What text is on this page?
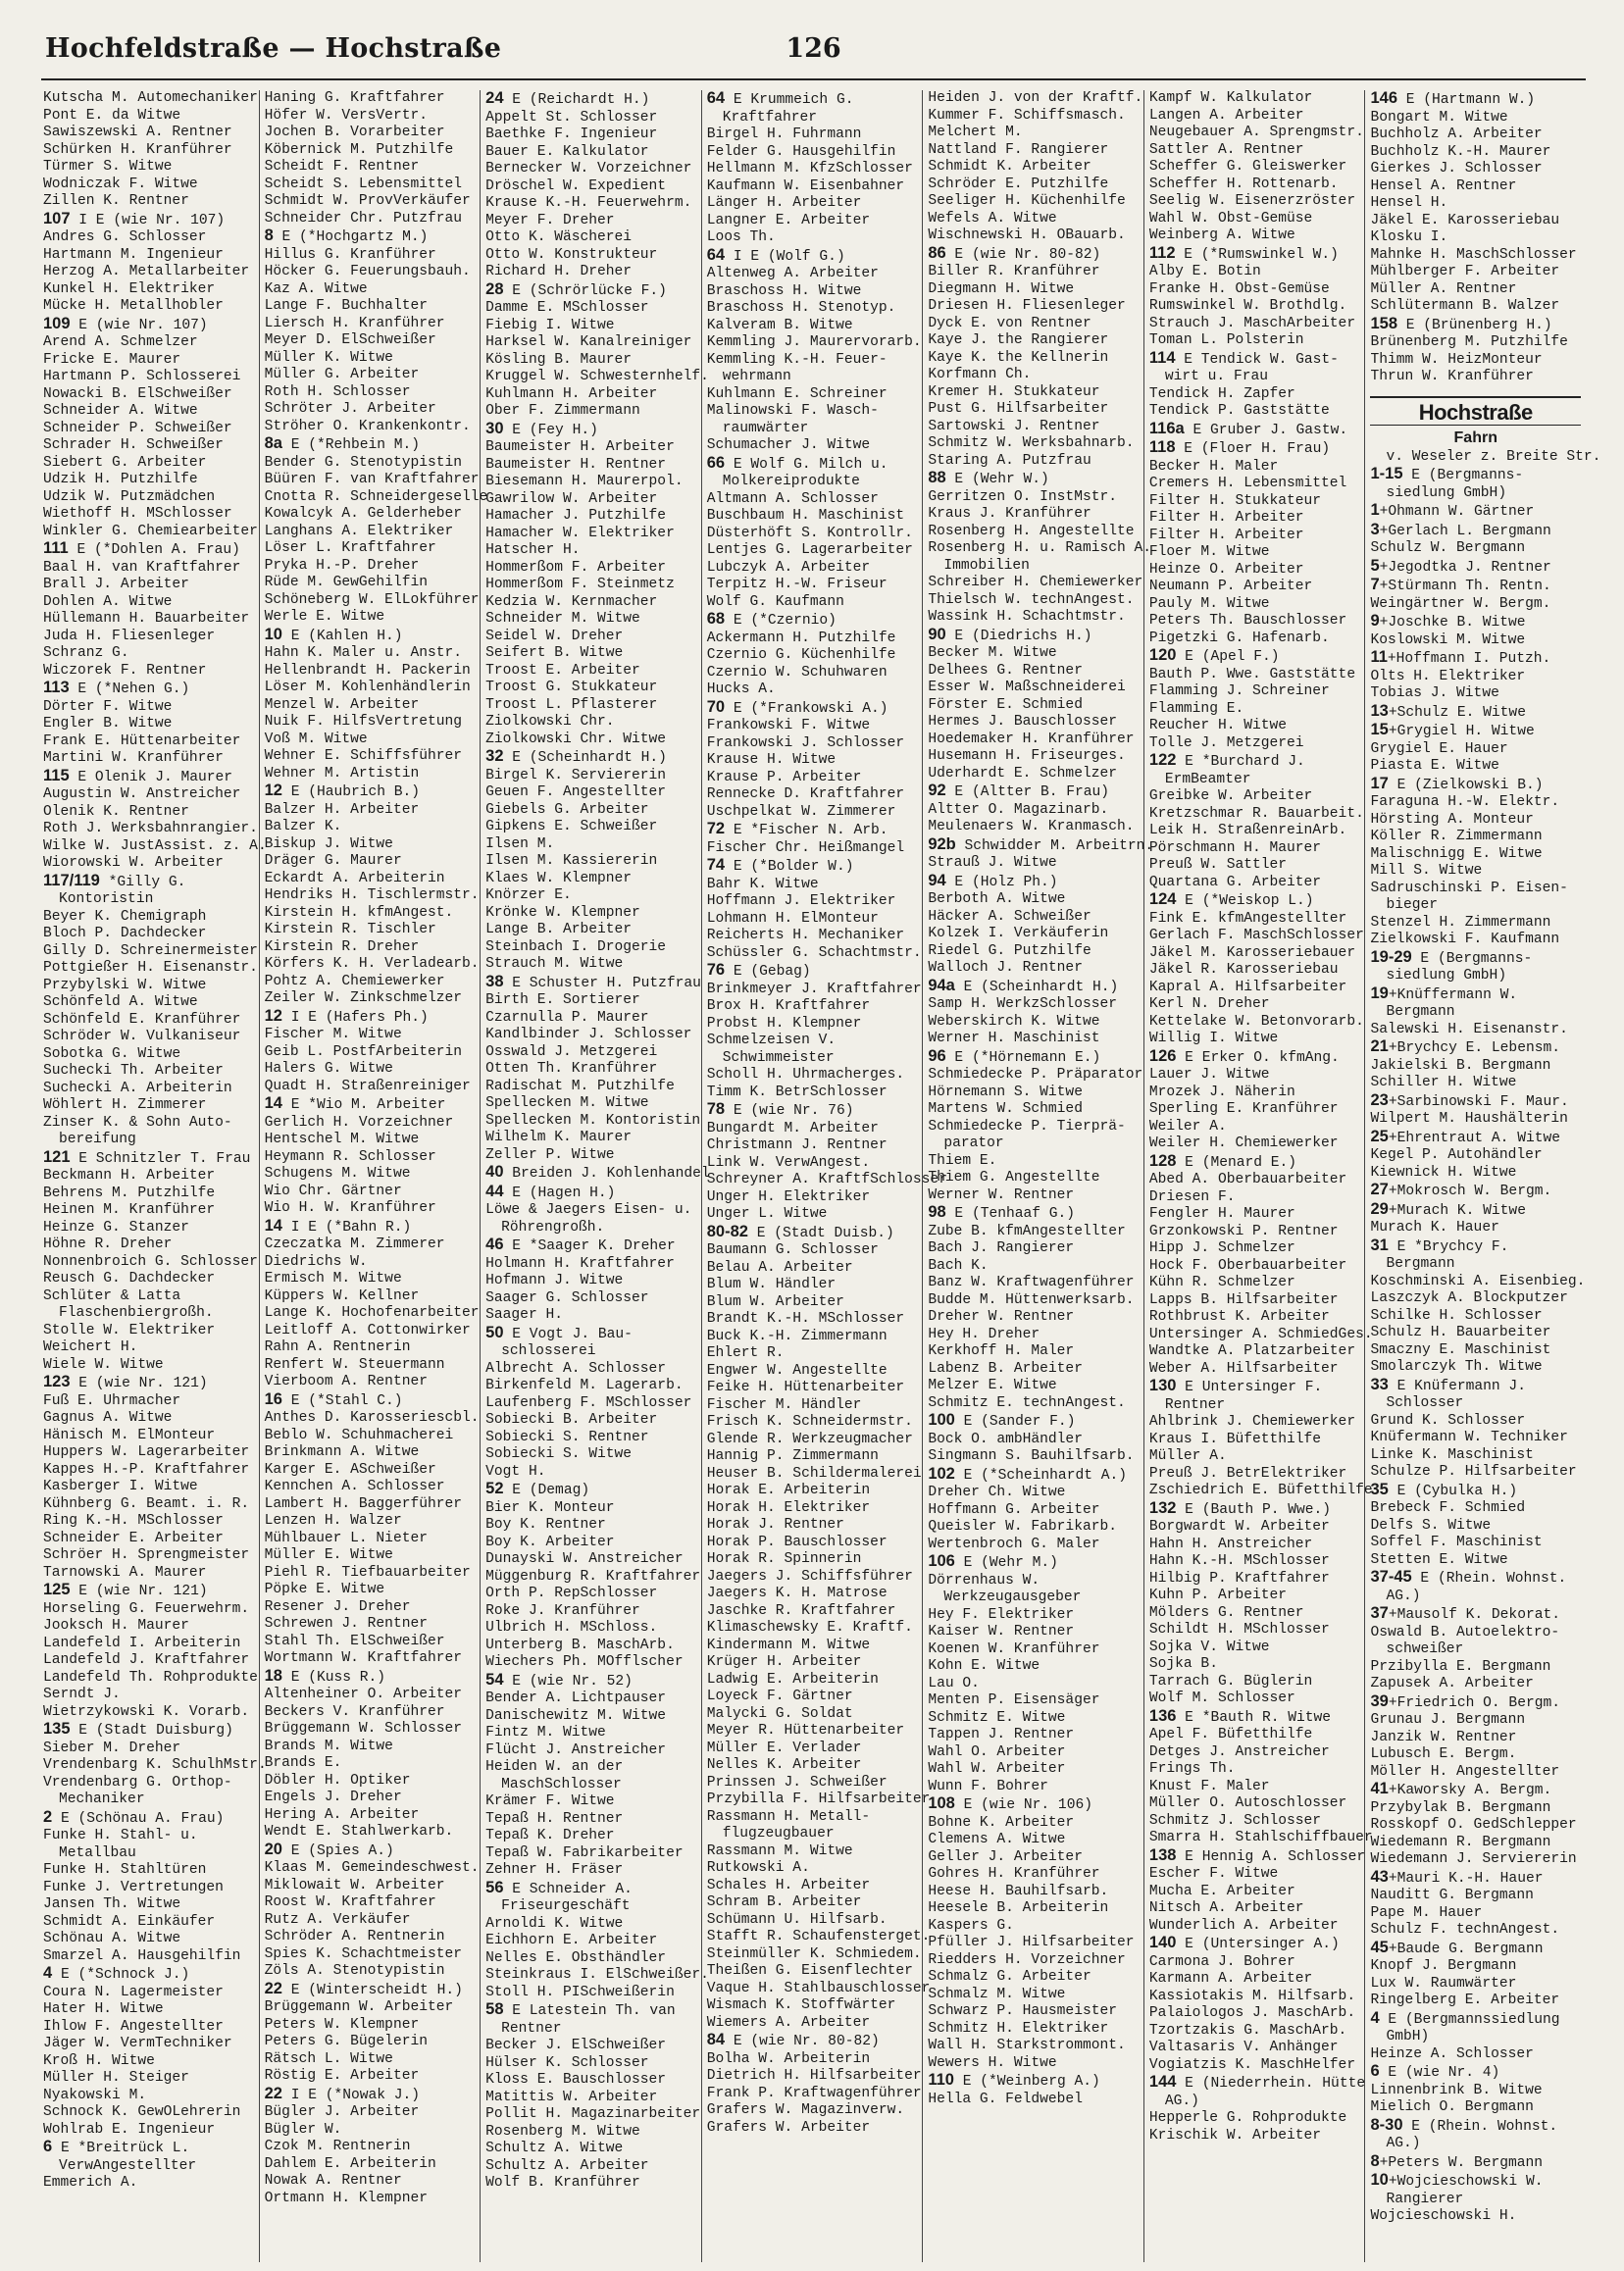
Hochfeldstraße — Hochstraße	126
Kutscha M. Automechaniker
Pont E. da Witwe
Sawiszewski A. Rentner
Schürken H. Kranführer
Türmer S. Witwe
Wodniczak F. Witwe
Zillen K. Rentner
107 I E (wie Nr. 107)
Andres G. Schlosser
Hartmann M. Ingenieur
Herzog A. Metallarbeiter
Kunkel H. Elektriker
Mücke H. Metallhobler
109 E (wie Nr. 107)
Arend A. Schmelzer
Fricke E. Maurer
Hartmann P. Schlosserei
Nowacki B. ElSchweißer
Schneider A. Witwe
Schneider P. Schweißer
Schrader H. Schweißer
Siebert G. Arbeiter
Udzik H. Putzhilfe
Udzik W. Putzmädchen
Wiethoff H. MSchlosser
Winkler G. Chemiearbeiter
111 E (*Dohlen A. Frau)
Baal H. van Kraftfahrer
Brall J. Arbeiter
Dohlen A. Witwe
Hüllemann H. Bauarbeiter
Juda H. Fliesenleger
Schranz G.
Wiczorek F. Rentner
113 E (*Nehen G.)
Dörter F. Witwe
Engler B. Witwe
Frank E. Hüttenarbeiter
Martini W. Kranführer
115 E Olenik J. Maurer
Augustin W. Anstreicher
Olenik K. Rentner
Roth J. Werksbahnrangier.
Wilke W. JustAssist. z. A.
Wiorowski W. Arbeiter
117/119 *Gilly G.
Kontoristin
Beyer K. Chemigraph
Bloch P. Dachdecker
Gilly D. Schreinermeister
Pottgießer H. Eisenanstr.
Przybylski W. Witwe
Schönfeld A. Witwe
Schönfeld E. Kranführer
Schröder W. Vulkaniseur
Sobotka G. Witwe
Suchecki Th. Arbeiter
Suchecki A. Arbeiterin
Wöhlert H. Zimmerer
Zinser K. & Sohn Auto-
bereifung
121 E Schnitzler T. Frau
Beckmann H. Arbeiter
Behrens M. Putzhilfe
Heinen M. Kranführer
Heinze G. Stanzer
Höhne R. Dreher
Nonnenbroich G. Schlosser
Reusch G. Dachdecker
Schlüter & Latta
Flaschenbiergroßh.
Stolle W. Elektriker
Weichert H.
Wiele W. Witwe
123 E (wie Nr. 121)
Fuß E. Uhrmacher
Gagnus A. Witwe
Hänisch M. ElMonteur
Huppers W. Lagerarbeiter
Kappes H.-P. Kraftfahrer
Kasberger I. Witwe
Kühnberg G. Beamt. i. R.
Ring K.-H. MSchlosser
Schneider E. Arbeiter
Schröer H. Sprengmeister
Tarnowski A. Maurer
125 E (wie Nr. 121)
Horseling G. Feuerwehrm.
Jooksch H. Maurer
Landefeld I. Arbeiterin
Landefeld J. Kraftfahrer
Landefeld Th. Rohprodukte
Serndt J.
Wietrzykowski K. Vorarb.
135 E (Stadt Duisburg)
Sieber M. Dreher
Vrendenbarg K. SchulhMstr.
Vrendenbarg G. Orthop-
Mechaniker
2 E (Schönau A. Frau)
Funke H. Stahl- u.
Metallbau
Funke H. Stahltüren
Funke J. Vertretungen
Jansen Th. Witwe
Schmidt A. Einkäufer
Schönau A. Witwe
Smarzel A. Hausgehilfin
4 E (*Schnock J.)
Coura N. Lagermeister
Hater H. Witwe
Ihlow F. Angestellter
Jäger W. VermTechniker
Kroß H. Witwe
Müller H. Steiger
Nyakowski M.
Schnock K. GewOLehrerin
Wohlrab E. Ingenieur
6 E *Breitrück L.
VerwAngestellter
Emmerich A.
Haning G. Kraftfahrer
Höfer W. VersVertr.
Jochen B. Vorarbeiter
Köbernick M. Putzhilfe
Scheidt F. Rentner
Scheidt S. Lebensmittel
Schmidt W. ProvVerkäufer
Schneider Chr. Putzfrau
8 E (*Hochgartz M.)
Hillus G. Kranführer
Höcker G. Feuerungsbauh.
Kaz A. Witwe
Lange F. Buchhalter
Liersch H. Kranführer
Meyer D. ElSchweißer
Müller K. Witwe
Müller G. Arbeiter
Roth H. Schlosser
Schröter J. Arbeiter
Ströher O. Krankenkontr.
8a E (*Rehbein M.)
Bender G. Stenotypistin
Büüren F. van Kraftfahrer
Cnotta R. Schneidergeselle
Kowalcyk A. Gelderheber
Langhans A. Elektriker
Löser L. Kraftfahrer
Pryka H.-P. Dreher
Rüde M. GewGehilfin
Schöneberg W. ElLokführer
Werle E. Witwe
10 E (Kahlen H.)
Hahn K. Maler u. Anstr.
Hellenbrandt H. Packerin
Löser M. Kohlenhändlerin
Menzel W. Arbeiter
Nuik F. HilfsVertretung
Voß M. Witwe
Wehner E. Schiffsführer
Wehner M. Artistin
12 E (Haubrich B.)
Balzer H. Arbeiter
Balzer K.
Biskup J. Witwe
Dräger G. Maurer
Eckardt A. Arbeiterin
Hendriks H. Tischlermstr.
Kirstein H. kfmAngest.
Kirstein R. Tischler
Kirstein R. Dreher
Körfers K. H. Verladearb.
Pohtz A. Chemiewerker
Zeiler W. Zinkschmelzer
12 I E (Hafers Ph.)
Fischer M. Witwe
Geib L. PostfArbeiterin
Halers G. Witwe
Quadt H. Straßenreiniger
14 E *Wio M. Arbeiter
Gerlich H. Vorzeichner
Hentschel M. Witwe
Heymann R. Schlosser
Schugens M. Witwe
Wio Chr. Gärtner
Wio H. W. Kranführer
14 I E (*Bahn R.)
Czeczatka M. Zimmerer
Diedrichs W.
Ermisch M. Witwe
Küppers W. Kellner
Lange K. Hochofenarbeiter
Leitloff A. Cottonwirker
Rahn A. Rentnerin
Renfert W. Steuermann
Vierboom A. Rentner
16 E (*Stahl C.)
Anthes D. Karosseriescbl.
Beblo W. Schuhmacherei
Brinkmann A. Witwe
Karger E. ASchweißer
Kennchen A. Schlosser
Lambert H. Baggerführer
Lenzen H. Walzer
Mühlbauer L. Nieter
Müller E. Witwe
Piehl R. Tiefbauarbeiter
Pöpke E. Witwe
Resener J. Dreher
Schrewen J. Rentner
Stahl Th. ElSchweißer
Wortmann W. Kraftfahrer
18 E (Kuss R.)
Altenheiner O. Arbeiter
Beckers V. Kranführer
Brüggemann W. Schlosser
Brands M. Witwe
Brands E.
Döbler H. Optiker
Engels J. Dreher
Hering A. Arbeiter
Wendt E. Stahlwerkarb.
20 E (Spies A.)
Klaas M. Gemeindeschwest.
Miklowait W. Arbeiter
Roost W. Kraftfahrer
Rutz A. Verkäufer
Schröder A. Rentnerin
Spies K. Schachtmeister
Zöls A. Stenotypistin
22 E (Winterscheidt H.)
Brüggemann W. Arbeiter
Peters W. Klempner
Peters G. Bügelerin
Rätsch L. Witwe
Röstig E. Arbeiter
22 I E (*Nowak J.)
Bügler J. Arbeiter
Bügler W.
Czok M. Rentnerin
Dahlem E. Arbeiterin
Nowak A. Rentner
Ortmann H. Klempner
24 E (Reichardt H.)
Appelt St. Schlosser
Baethke F. Ingenieur
Bauer E. Kalkulator
Bernecker W. Vorzeichner
Dröschel W. Expedient
Krause K.-H. Feuerwehrm.
Meyer F. Dreher
Otto K. Wäscherei
Otto W. Konstrukteur
Richard H. Dreher
28 E (Schrörlücke F.)
Damme E. MSchlosser
Fiebig I. Witwe
Harksel W. Kanalreiniger
Kösling B. Maurer
Kruggel W. Schwesternhelf.
Kuhlmann H. Arbeiter
Ober F. Zimmermann
30 E (Fey H.)
Baumeister H. Arbeiter
Baumeister H. Rentner
Biesemann H. Maurerpol.
Gawrilow W. Arbeiter
Hamacher J. Putzhilfe
Hamacher W. Elektriker
Hatscher H.
Hommerßom F. Arbeiter
Hommerßom F. Steinmetz
Kedzia W. Kernmacher
Schneider M. Witwe
Seidel W. Dreher
Seifert B. Witwe
Troost E. Arbeiter
Troost G. Stukkateur
Troost L. Pflasterer
Ziolkowski Chr.
Ziolkowski Chr. Witwe
32 E (Scheinhardt H.)
Birgel K. Serviererin
Geuen F. Angestellter
Giebels G. Arbeiter
Gipkens E. Schweißer
Ilsen M.
Ilsen M. Kassiererin
Klaes W. Klempner
Knörzer E.
Krönke W. Klempner
Lange B. Arbeiter
Steinbach I. Drogerie
Strauch M. Witwe
38 E Schuster H. Putzfrau
Birth E. Sortierer
Czarnulla P. Maurer
Kandlbinder J. Schlosser
Osswald J. Metzgerei
Otten Th. Kranführer
Radischat M. Putzhilfe
Spellecken M. Witwe
Spellecken M. Kontoristin
Wilhelm K. Maurer
Zeller P. Witwe
40 Breiden J. Kohlenhandel
44 E (Hagen H.)
Löwe & Jaegers Eisen- u.
Röhrengroßh.
46 E *Saager K. Dreher
Holmann H. Kraftfahrer
Hofmann J. Witwe
Saager G. Schlosser
Saager H.
50 E Vogt J. Bau-
schlosserei
Albrecht A. Schlosser
Birkenfeld M. Lagerarb.
Laufenberg F. MSchlosser
Sobiecki B. Arbeiter
Sobiecki S. Rentner
Sobiecki S. Witwe
Vogt H.
52 E (Demag)
Bier K. Monteur
Boy K. Rentner
Boy K. Arbeiter
Dunayski W. Anstreicher
Müggenburg R. Kraftfahrer
Orth P. RepSchlosser
Roke J. Kranführer
Ulbrich H. MSchloss.
Unterberg B. MaschArb.
Wiechers Ph. MOfflscher
54 E (wie Nr. 52)
Bender A. Lichtpauser
Danischewitz M. Witwe
Fintz M. Witwe
Flücht J. Anstreicher
Heiden W. an der
MaschSchlosser
Krämer F. Witwe
Tepaß H. Rentner
Tepaß K. Dreher
Tepaß W. Fabrikarbeiter
Zehner H. Fräser
56 E Schneider A.
Friseurgeschäft
Arnoldi K. Witwe
Eichhorn E. Arbeiter
Nelles E. Obsthändler
Steinkraus I. ElSchweißer.
Stoll H. PISchweißerin
58 E Latestein Th. van
Rentner
Becker J. ElSchweißer
Hülser K. Schlosser
Kloss E. Bauschlosser
Matittis W. Arbeiter
Pollit H. Magazinarbeiter
Rosenberg M. Witwe
Schultz A. Witwe
Schultz A. Arbeiter
Wolf B. Kranführer
64 E Krummeich G.
Kraftfahrer
Birgel H. Fuhrmann
Felder G. Hausgehilfin
Hellmann M. KfzSchlosser
Kaufmann W. Eisenbahner
Länger H. Arbeiter
Langner E. Arbeiter
Loos Th.
64 I E (Wolf G.)
Altenweg A. Arbeiter
Braschoss H. Witwe
Braschoss H. Stenotyp.
Kalveram B. Witwe
Kemmling J. Maurervorarb.
Kemmling K.-H. Feuer-
wehrmann
Kuhlmann E. Schreiner
Malinowski F. Wasch-
raumwärter
Schumacher J. Witwe
66 E Wolf G. Milch u.
Molkereiprodukte
Altmann A. Schlosser
Buschbaum H. Maschinist
Düsterhöft S. Kontrollr.
Lentjes G. Lagerarbeiter
Lubczyk A. Arbeiter
Terpitz H.-W. Friseur
Wolf G. Kaufmann
68 E (*Czernio)
Ackermann H. Putzhilfe
Czernio G. Küchenhilfe
Czernio W. Schuhwaren
Hucks A.
70 E (*Frankowski A.)
Frankowski F. Witwe
Frankowski J. Schlosser
Krause H. Witwe
Krause P. Arbeiter
Rennecke D. Kraftfahrer
Uschpelkat W. Zimmerer
72 E *Fischer N. Arb.
Fischer Chr. Heißmangel
74 E (*Bolder W.)
Bahr K. Witwe
Hoffmann J. Elektriker
Lohmann H. ElMonteur
Reicherts H. Mechaniker
Schüssler G. Schachtmstr.
76 E (Gebag)
Brinkmeyer J. Kraftfahrer
Brox H. Kraftfahrer
Probst H. Klempner
Schmelzeisen V.
Schwimmeister
Scholl H. Uhrmacherges.
Timm K. BetrSchlosser
78 E (wie Nr. 76)
Bungardt M. Arbeiter
Christmann J. Rentner
Link W. VerwAngest.
Schreyner A. KraftfSchlosser
Unger H. Elektriker
Unger L. Witwe
80-82 E (Stadt Duisb.)
Baumann G. Schlosser
Belau A. Arbeiter
Blum W. Händler
Blum W. Arbeiter
Brandt K.-H. MSchlosser
Buck K.-H. Zimmermann
Ehlert R.
Engwer W. Angestellte
Feike H. Hüttenarbeiter
Fischer M. Händler
Frisch K. Schneidermstr.
Glende R. Werkzeugmacher
Hannig P. Zimmermann
Heuser B. Schildermalerei
Horak E. Arbeiterin
Horak H. Elektriker
Horak J. Rentner
Horak P. Bauschlosser
Horak R. Spinnerin
Jaegers J. Schiffsführer
Jaegers K. H. Matrose
Jaschke R. Kraftfahrer
Klimaschewsky E. Kraftf.
Kindermann M. Witwe
Krüger H. Arbeiter
Ladwig E. Arbeiterin
Loyeck F. Gärtner
Malycki G. Soldat
Meyer R. Hüttenarbeiter
Müller E. Verlader
Nelles K. Arbeiter
Prinssen J. Schweißer
Przybilla F. Hilfsarbeiter
Rassmann H. Metall-
flugzeugbauer
Rassmann M. Witwe
Rutkowski A.
Schales H. Arbeiter
Schram B. Arbeiter
Schümann U. Hilfsarb.
Stafft R. Schaufensterget.
Steinmüller K. Schmiedem.
Theißen G. Eisenflechter
Vaque H. Stahlbauschlosser
Wismach K. Stoffwärter
Wiemers A. Arbeiter
84 E (wie Nr. 80-82)
Bolha W. Arbeiterin
Dietrich H. Hilfsarbeiter
Frank P. Kraftwagenführer
Grafers W. Magazinverw.
Grafers W. Arbeiter
Heiden J. von der Kraftf.
Kummer F. Schiffsmasch.
Melchert M.
Nattland F. Rangierer
Schmidt K. Arbeiter
Schröder E. Putzhilfe
Seeliger H. Küchenhilfe
Wefels A. Witwe
Wischnewski H. OBauarb.
86 E (wie Nr. 80-82)
Biller R. Kranführer
Diegmann H. Witwe
Driesen H. Fliesenleger
Dyck E. von Rentner
Kaye J. the Rangierer
Kaye K. the Kellnerin
Korfmann Ch.
Kremer H. Stukkateur
Pust G. Hilfsarbeiter
Sartowski J. Rentner
Schmitz W. Werksbahnarb.
Staring A. Putzfrau
88 E (Wehr W.)
Gerritzen O. InstMstr.
Kraus J. Kranführer
Rosenberg H. Angestellte
Rosenberg H. u. Ramisch A.
Immobilien
Schreiber H. Chemiewerker
Thielsch W. technAngest.
Wassink H. Schachtmstr.
90 E (Diedrichs H.)
Becker M. Witwe
Delhees G. Rentner
Esser W. Maßschneiderei
Förster E. Schmied
Hermes J. Bauschlosser
Hoedemaker H. Kranführer
Husemann H. Friseurges.
Uderhardt E. Schmelzer
92 E (Altter B. Frau)
Altter O. Magazinarb.
Meulenaers W. Kranmasch.
92b Schwidder M. Arbeitrn.
Strauß J. Witwe
94 E (Holz Ph.)
Berboth A. Witwe
Häcker A. Schweißer
Kolzek I. Verkäuferin
Riedel G. Putzhilfe
Walloch J. Rentner
94a E (Scheinhardt H.)
Samp H. WerkzSchlosser
Weberskirch K. Witwe
Werner H. Maschinist
96 E (*Hörnemann E.)
Schmiedecke P. Präparator
Hörnemann S. Witwe
Martens W. Schmied
Schmiedecke P. Tierprä-
parator
Thiem E.
Thiem G. Angestellte
Werner W. Rentner
98 E (Tenhaaf G.)
Zube B. kfmAngestellter
Bach J. Rangierer
Bach K.
Banz W. Kraftwagenführer
Budde M. Hüttenwerksarb.
Dreher W. Rentner
Hey H. Dreher
Kerkhoff H. Maler
Labenz B. Arbeiter
Melzer E. Witwe
Schmitz E. technAngest.
100 E (Sander F.)
Bock O. ambHändler
Singmann S. Bauhilfsarb.
102 E (*Scheinhardt A.)
Dreher Ch. Witwe
Hoffmann G. Arbeiter
Queisler W. Fabrikarb.
Wertenbroch G. Maler
106 E (Wehr M.)
Dörrenhaus W.
Werkzeugausgeber
Hey F. Elektriker
Kaiser W. Rentner
Koenen W. Kranführer
Kohn E. Witwe
Lau O.
Menten P. Eisensäger
Schmitz E. Witwe
Tappen J. Rentner
Wahl O. Arbeiter
Wahl W. Arbeiter
Wunn F. Bohrer
108 E (wie Nr. 106)
Bohne K. Arbeiter
Clemens A. Witwe
Geller J. Arbeiter
Gohres H. Kranführer
Heese H. Bauhilfsarb.
Heesele B. Arbeiterin
Kaspers G.
Pfüller J. Hilfsarbeiter
Riedders H. Vorzeichner
Schmalz G. Arbeiter
Schmalz M. Witwe
Schwarz P. Hausmeister
Schmitz H. Elektriker
Wall H. Starkstrommont.
Wewers H. Witwe
110 E (*Weinberg A.)
Hella G. Feldwebel
Kampf W. Kalkulator
Langen A. Arbeiter
Neugebauer A. Sprengmstr.
Sattler A. Rentner
Scheffer G. Gleiswerker
Scheffer H. Rottenarb.
Seelig W. Eisenerzröster
Wahl W. Obst-Gemüse
Weinberg A. Witwe
112 E (*Rumswinkel W.)
Alby E. Botin
Franke H. Obst-Gemüse
Rumswinkel W. Brothdlg.
Strauch J. MaschArbeiter
Toman L. Polsterin
114 E Tendick W. Gast-
wirt u. Frau
Tendick H. Zapfer
Tendick P. Gaststätte
116a E Gruber J. Gastw.
118 E (Floer H. Frau)
Becker H. Maler
Cremers H. Lebensmittel
Filter H. Stukkateur
Filter H. Arbeiter
Filter H. Arbeiter
Floer M. Witwe
Heinze O. Arbeiter
Neumann P. Arbeiter
Pauly M. Witwe
Peters Th. Bauschlosser
Pigetzki G. Hafenarb.
120 E (Apel F.)
Bauth P. Wwe. Gaststätte
Flamming J. Schreiner
Flamming E.
Reucher H. Witwe
Tolle J. Metzgerei
122 E *Burchard J.
ErmBeamter
Greibke W. Arbeiter
Kretzschmar R. Bauarbeit.
Leik H. StraßenreinArb.
Pörschmann H. Maurer
Preuß W. Sattler
Quartana G. Arbeiter
124 E (*Weiskop L.)
Fink E. kfmAngestellter
Gerlach F. MaschSchlosser
Jäkel M. Karosseriebauer
Jäkel R. Karosseriebau
Kapral A. Hilfsarbeiter
Kerl N. Dreher
Kettelake W. Betonvorarb.
Willig I. Witwe
126 E Erker O. kfmAng.
Lauer J. Witwe
Mrozek J. Näherin
Sperling E. Kranführer
Weiler A.
Weiler H. Chemiewerker
128 E (Menard E.)
Abed A. Oberbauarbeiter
Driesen F.
Fengler H. Maurer
Grzonkowski P. Rentner
Hipp J. Schmelzer
Hock F. Oberbauarbeiter
Kühn R. Schmelzer
Lapps B. Hilfsarbeiter
Rothbrust K. Arbeiter
Untersinger A. SchmiedGes.
Wandtke A. Platzarbeiter
Weber A. Hilfsarbeiter
130 E Untersinger F.
Rentner
Ahlbrink J. Chemiewerker
Kraus I. Büfetthilfe
Müller A.
Preuß J. BetrElektriker
Zschiedrich E. Büfetthilfe
132 E (Bauth P. Wwe.)
Borgwardt W. Arbeiter
Hahn H. Anstreicher
Hahn K.-H. MSchlosser
Hilbig P. Kraftfahrer
Kuhn P. Arbeiter
Mölders G. Rentner
Schildt H. MSchlosser
Sojka V. Witwe
Sojka B.
Tarrach G. Büglerin
Wolf M. Schlosser
136 E *Bauth R. Witwe
Apel F. Büfetthilfe
Detges J. Anstreicher
Frings Th.
Knust F. Maler
Müller O. Autoschlosser
Schmitz J. Schlosser
Smarra H. Stahlschiffbauer
138 E Hennig A. Schlosser
Escher F. Witwe
Mucha E. Arbeiter
Nitsch A. Arbeiter
Wunderlich A. Arbeiter
140 E (Untersinger A.)
Carmona J. Bohrer
Karmann A. Arbeiter
Kassiotakis M. Hilfsarb.
Palaiologos J. MaschArb.
Tzortzakis G. MaschArb.
Valtasaris V. Anhänger
Vogiatzis K. MaschHelfer
144 E (Niederrhein. Hütte
AG.)
Hepperle G. Rohprodukte
Krischik W. Arbeiter
146 E (Hartmann W.)
Bongart M. Witwe
Buchholz A. Arbeiter
Buchholz K.-H. Maurer
Gierkes J. Schlosser
Hensel A. Rentner
Hensel H.
Jäkel E. Karosseriebau
Klosku I.
Mahnke H. MaschSchlosser
Mühlberger F. Arbeiter
Müller A. Rentner
Schlütermann B. Walzer
158 E (Brünenberg H.)
Brünenberg M. Putzhilfe
Thimm W. HeizMonteur
Thrun W. Kranführer
Hochstraße
Fahrn
v. Weseler z. Breite Str.
1-15 E (Bergmanns-
siedlung GmbH)
1+Ohmann W. Gärtner
3+Gerlach L. Bergmann
Schulz W. Bergmann
5+Jegodtka J. Rentner
7+Stürmann Th. Rentn.
Weingärtner W. Bergm.
9+Joschke B. Witwe
Koslowski M. Witwe
11+Hoffmann I. Putzh.
Olts H. Elektriker
Tobias J. Witwe
13+Schulz E. Witwe
15+Grygiel H. Witwe
Grygiel E. Hauer
Piasta E. Witwe
17 E (Zielkowski B.)
Faraguna H.-W. Elektr.
Hörsting A. Monteur
Köller R. Zimmermann
Malischnigg E. Witwe
Mill S. Witwe
Sadruschinski P. Eisen-
bieger
Stenzel H. Zimmermann
Zielkowski F. Kaufmann
19-29 E (Bergmanns-
siedlung GmbH)
19+Knüffermann W.
Bergmann
Salewski H. Eisenanstr.
21+Brychcy E. Lebensm.
Jakielski B. Bergmann
Schiller H. Witwe
23+Sarbinowski F. Maur.
Wilpert M. Haushälterin
25+Ehrentraut A. Witwe
Kegel P. Autohändler
Kiewnick H. Witwe
27+Mokrosch W. Bergm.
29+Murach K. Witwe
Murach K. Hauer
31 E *Brychcy F.
Bergmann
Koschminski A. Eisenbieg.
Laszczyk A. Blockputzer
Schilke H. Schlosser
Schulz H. Bauarbeiter
Smaczny E. Maschinist
Smolarczyk Th. Witwe
33 E Knüfermann J.
Schlosser
Grund K. Schlosser
Knüfermann W. Techniker
Linke K. Maschinist
Schulze P. Hilfsarbeiter
35 E (Cybulka H.)
Brebeck F. Schmied
Delfs S. Witwe
Soffel F. Maschinist
Stetten E. Witwe
37-45 E (Rhein. Wohnst.
AG.)
37+Mausolf K. Dekorat.
Oswald B. Autoelektro-
schweißer
Przibylla E. Bergmann
Zapusek A. Arbeiter
39+Friedrich O. Bergm.
Grunau J. Bergmann
Janzik W. Rentner
Lubusch E. Bergm.
Möller H. Angestellter
41+Kaworsky A. Bergm.
Przybylak B. Bergmann
Rosskopf O. GedSchlepper
Wiedemann R. Bergmann
Wiedemann J. Serviererin
43+Mauri K.-H. Hauer
Nauditt G. Bergmann
Pape M. Hauer
Schulz F. technAngest.
45+Baude G. Bergmann
Knopf J. Bergmann
Lux W. Raumwärter
Ringelberg E. Arbeiter
4 E (Bergmannssiedlung
GmbH)
Heinze A. Schlosser
6 E (wie Nr. 4)
Linnenbrink B. Witwe
Mielich O. Bergmann
8-30 E (Rhein. Wohnst.
AG.)
8+Peters W. Bergmann
10+Wojcieschowski W.
Rangierer
Wojcieschowski H.
